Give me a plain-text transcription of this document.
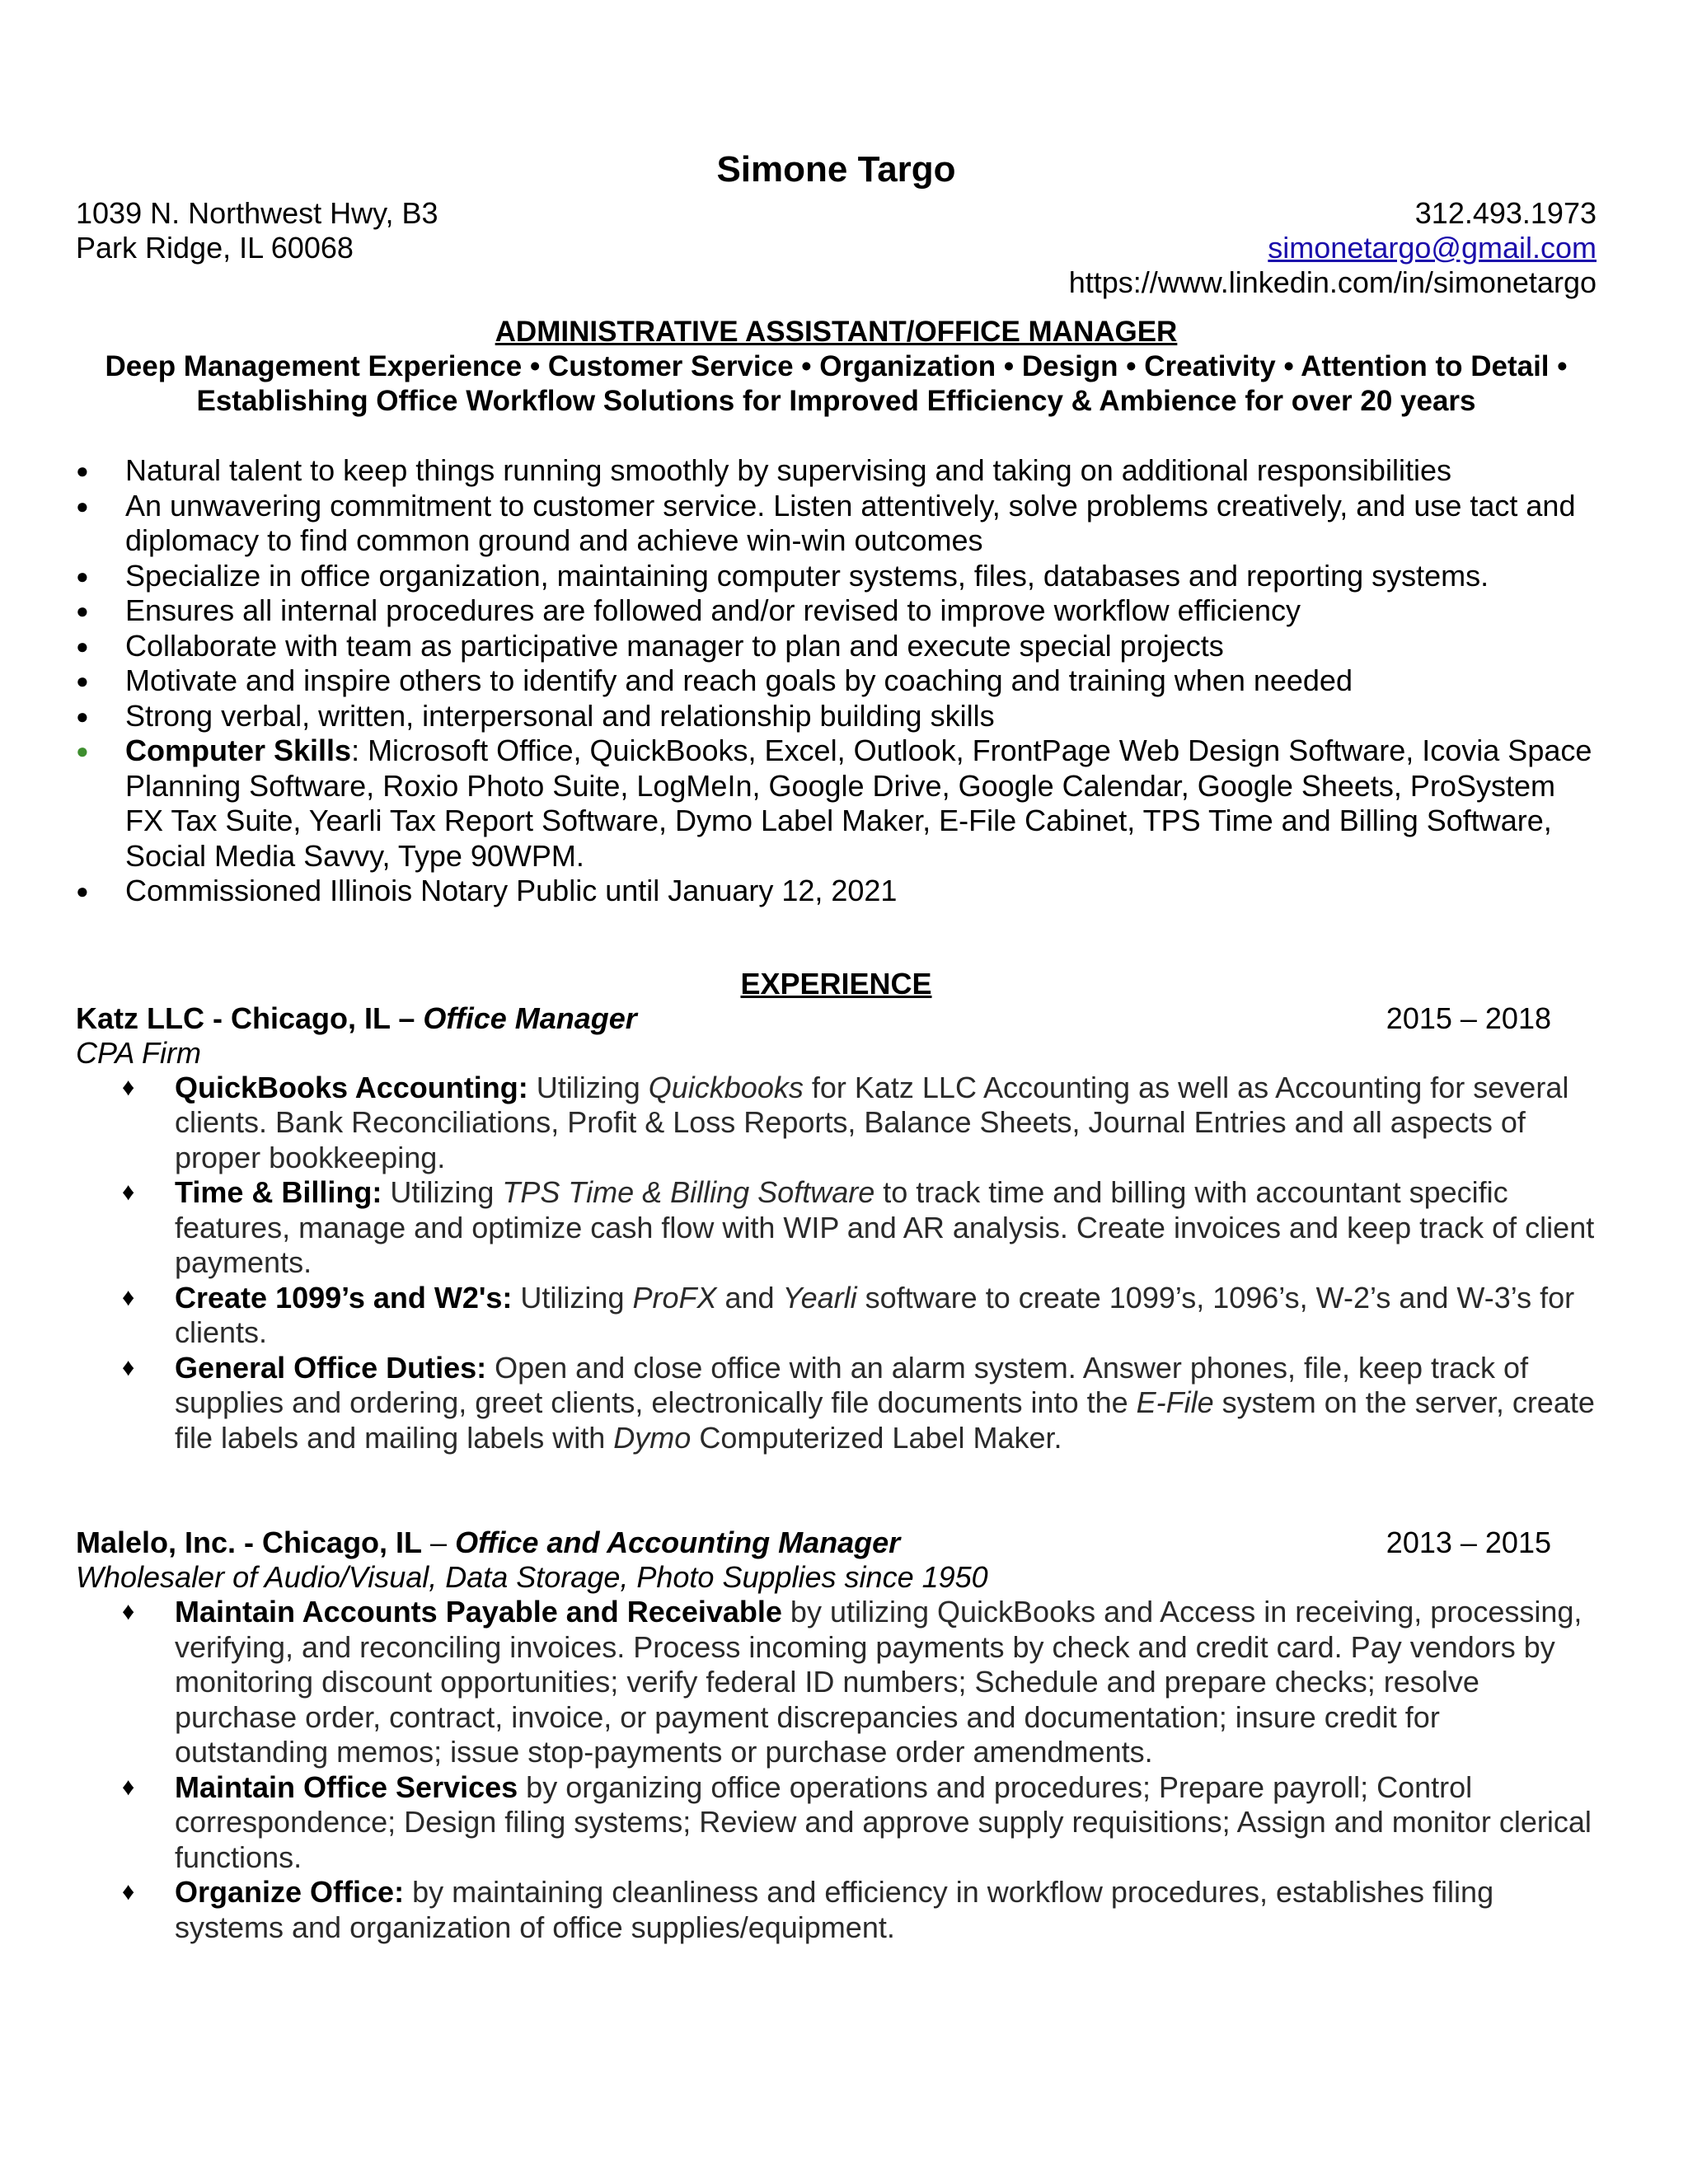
Simone Targo
1039 N. Northwest Hwy, B3	312.493.1973
Park Ridge, IL 60068	simonetargo@gmail.com
https://www.linkedin.com/in/simonetargo
ADMINISTRATIVE ASSISTANT/OFFICE MANAGER
Deep Management Experience • Customer Service • Organization • Design • Creativity • Attention to Detail • Establishing Office Workflow Solutions for Improved Efficiency & Ambience for over 20 years
●	Natural talent to keep things running smoothly by supervising and taking on additional responsibilities
●	An unwavering commitment to customer service. Listen attentively, solve problems creatively, and use tact and diplomacy to find common ground and achieve win-win outcomes
●	Specialize in office organization, maintaining computer systems, files, databases and reporting systems.
●	Ensures all internal procedures are followed and/or revised to improve workflow efficiency
●	Collaborate with team as participative manager to plan and execute special projects
●	Motivate and inspire others to identify and reach goals by coaching and training when needed
●	Strong verbal, written, interpersonal and relationship building skills
●	Computer Skills: Microsoft Office, QuickBooks, Excel, Outlook, FrontPage Web Design Software, Icovia Space Planning Software, Roxio Photo Suite, LogMeIn, Google Drive, Google Calendar, Google Sheets, ProSystem FX Tax Suite, Yearli Tax Report Software, Dymo Label Maker, E-File Cabinet, TPS Time and Billing Software, Social Media Savvy, Type 90WPM.
●	Commissioned Illinois Notary Public until January 12, 2021
EXPERIENCE
Katz LLC - Chicago, IL – Office Manager	2015 – 2018
CPA Firm
♦ QuickBooks Accounting: Utilizing Quickbooks for Katz LLC Accounting as well as Accounting for several clients. Bank Reconciliations, Profit & Loss Reports, Balance Sheets, Journal Entries and all aspects of proper bookkeeping.
♦ Time & Billing: Utilizing TPS Time & Billing Software to track time and billing with accountant specific features, manage and optimize cash flow with WIP and AR analysis. Create invoices and keep track of client payments.
♦ Create 1099’s and W2's: Utilizing ProFX and Yearli software to create 1099’s, 1096’s, W-2’s and W-3’s for clients.
♦ General Office Duties: Open and close office with an alarm system. Answer phones, file, keep track of supplies and ordering, greet clients, electronically file documents into the E-File system on the server, create file labels and mailing labels with Dymo Computerized Label Maker.
Malelo, Inc. - Chicago, IL – Office and Accounting Manager	2013 – 2015
Wholesaler of Audio/Visual, Data Storage, Photo Supplies since 1950
♦ Maintain Accounts Payable and Receivable by utilizing QuickBooks and Access in receiving, processing, verifying, and reconciling invoices. Process incoming payments by check and credit card. Pay vendors by monitoring discount opportunities; verify federal ID numbers; Schedule and prepare checks; resolve purchase order, contract, invoice, or payment discrepancies and documentation; insure credit for outstanding memos; issue stop-payments or purchase order amendments.
♦ Maintain Office Services by organizing office operations and procedures; Prepare payroll; Control correspondence; Design filing systems; Review and approve supply requisitions; Assign and monitor clerical functions.
♦ Organize Office: by maintaining cleanliness and efficiency in workflow procedures, establishes filing systems and organization of office supplies/equipment.
